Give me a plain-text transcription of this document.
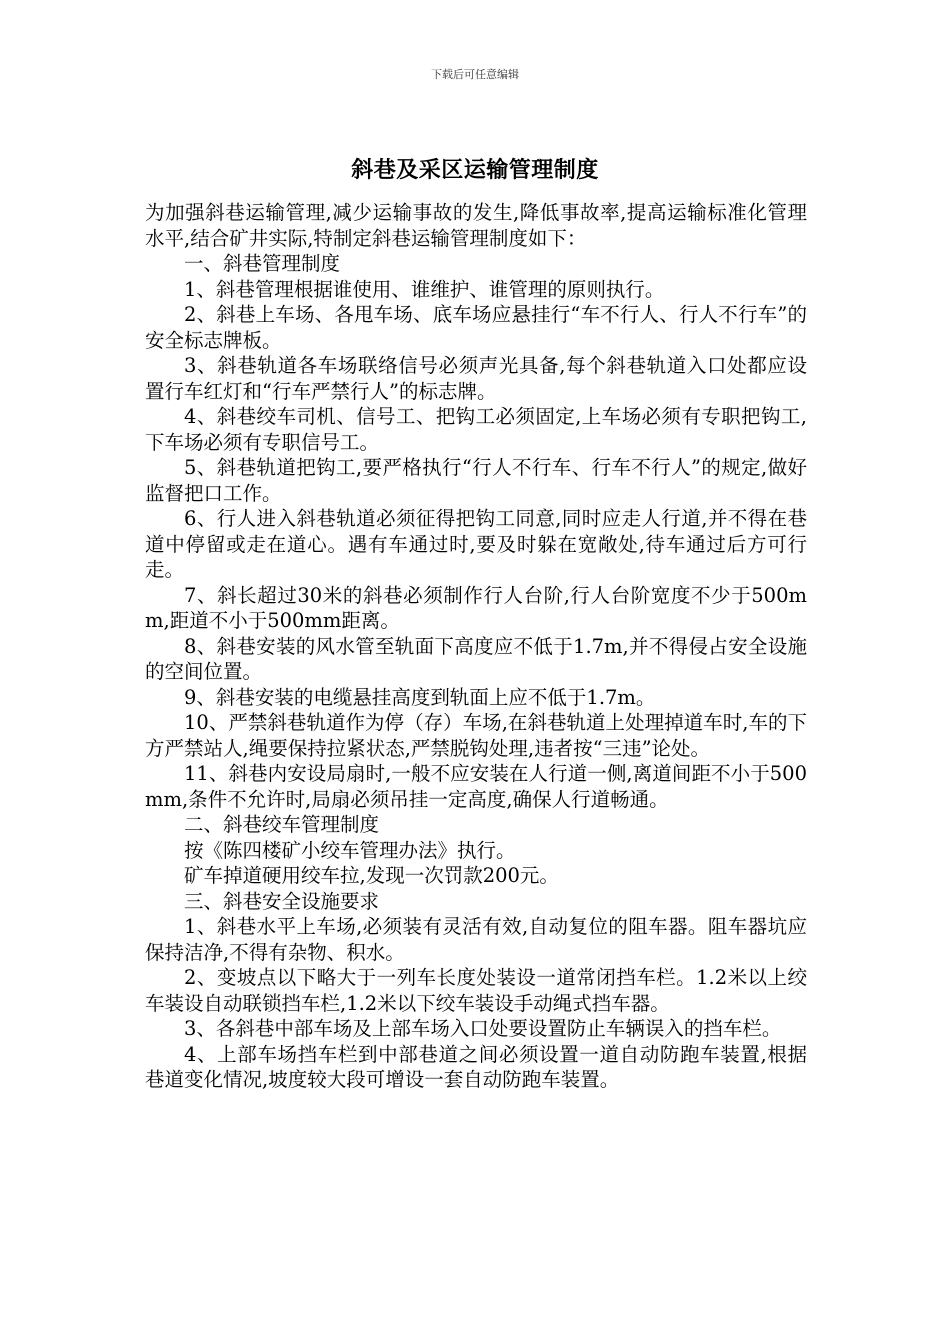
下载后可任意编辑
斜巷及采区运输管理制度

为加强斜巷运输管理,减少运输事故的发生,降低事故率,提高运输标准化管理水平,结合矿井实际,特制定斜巷运输管理制度如下：

一、斜巷管理制度

1、斜巷管理根据谁使用、谁维护、谁管理的原则执行。

2、斜巷上车场、各甩车场、底车场应悬挂行“车不行人、行人不行车”的安全标志牌板。

3、斜巷轨道各车场联络信号必须声光具备,每个斜巷轨道入口处都应设置行车红灯和“行车严禁行人”的标志牌。

4、斜巷绞车司机、信号工、把钩工必须固定,上车场必须有专职把钩工,下车场必须有专职信号工。

5、斜巷轨道把钩工,要严格执行“行人不行车、行车不行人”的规定,做好监督把口工作。

6、行人进入斜巷轨道必须征得把钩工同意,同时应走人行道,并不得在巷道中停留或走在道心。遇有车通过时,要及时躲在宽敞处,待车通过后方可行走。

7、斜长超过30米的斜巷必须制作行人台阶,行人台阶宽度不少于500mm,距道不小于500mm距离。

8、斜巷安装的风水管至轨面下高度应不低于1.7m,并不得侵占安全设施的空间位置。

9、斜巷安装的电缆悬挂高度到轨面上应不低于1.7m。

10、严禁斜巷轨道作为停（存）车场,在斜巷轨道上处理掉道车时,车的下方严禁站人,绳要保持拉紧状态,严禁脱钩处理,违者按“三违”论处。

11、斜巷内安设局扇时,一般不应安装在人行道一侧,离道间距不小于500mm,条件不允许时,局扇必须吊挂一定高度,确保人行道畅通。

二、斜巷绞车管理制度

按《陈四楼矿小绞车管理办法》执行。

矿车掉道硬用绞车拉,发现一次罚款200元。

三、斜巷安全设施要求

1、斜巷水平上车场,必须装有灵活有效,自动复位的阻车器。阻车器坑应保持洁净,不得有杂物、积水。

2、变坡点以下略大于一列车长度处装设一道常闭挡车栏。1.2米以上绞车装设自动联锁挡车栏,1.2米以下绞车装设手动绳式挡车器。

3、各斜巷中部车场及上部车场入口处要设置防止车辆误入的挡车栏。

4、上部车场挡车栏到中部巷道之间必须设置一道自动防跑车装置,根据巷道变化情况,坡度较大段可增设一套自动防跑车装置。
